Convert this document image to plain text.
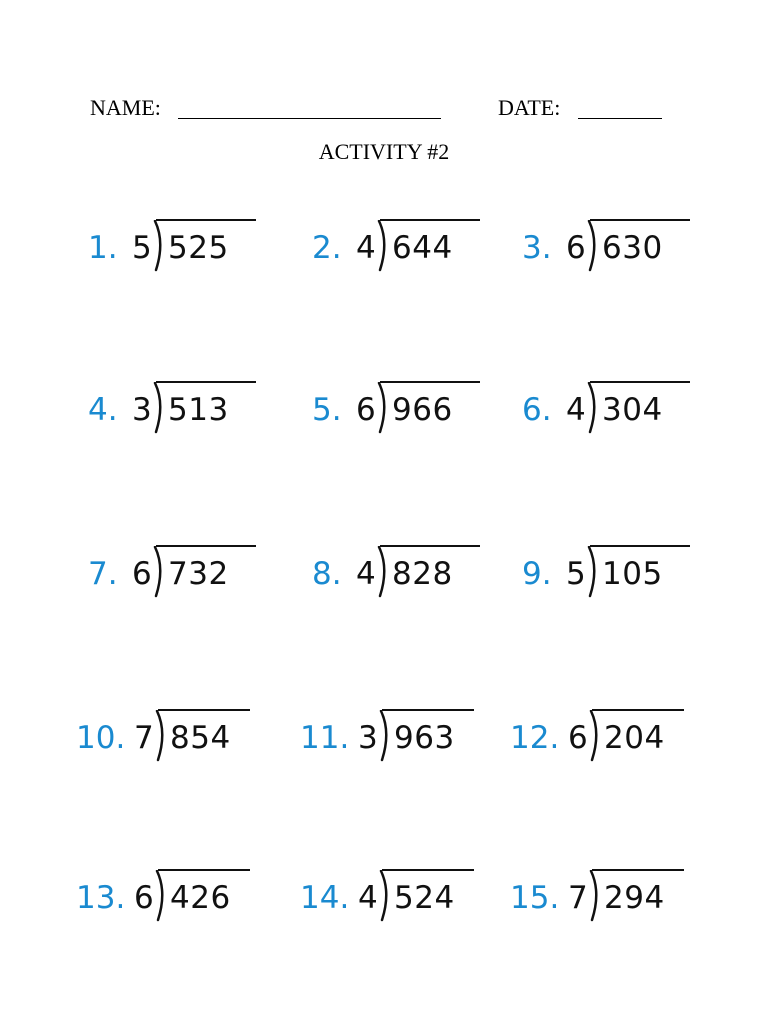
NAME:	DATE:
ACTIVITY #2
1. 5 525	2. 4 644 3. 6 630
4. 3 513	5. 6 966 6. 4 304
7. 6 732	8. 4 828 9. 5 105
10. 7 854 11. 3 963 12. 6 204
13. 6 426 14. 4 524 15. 7 294
